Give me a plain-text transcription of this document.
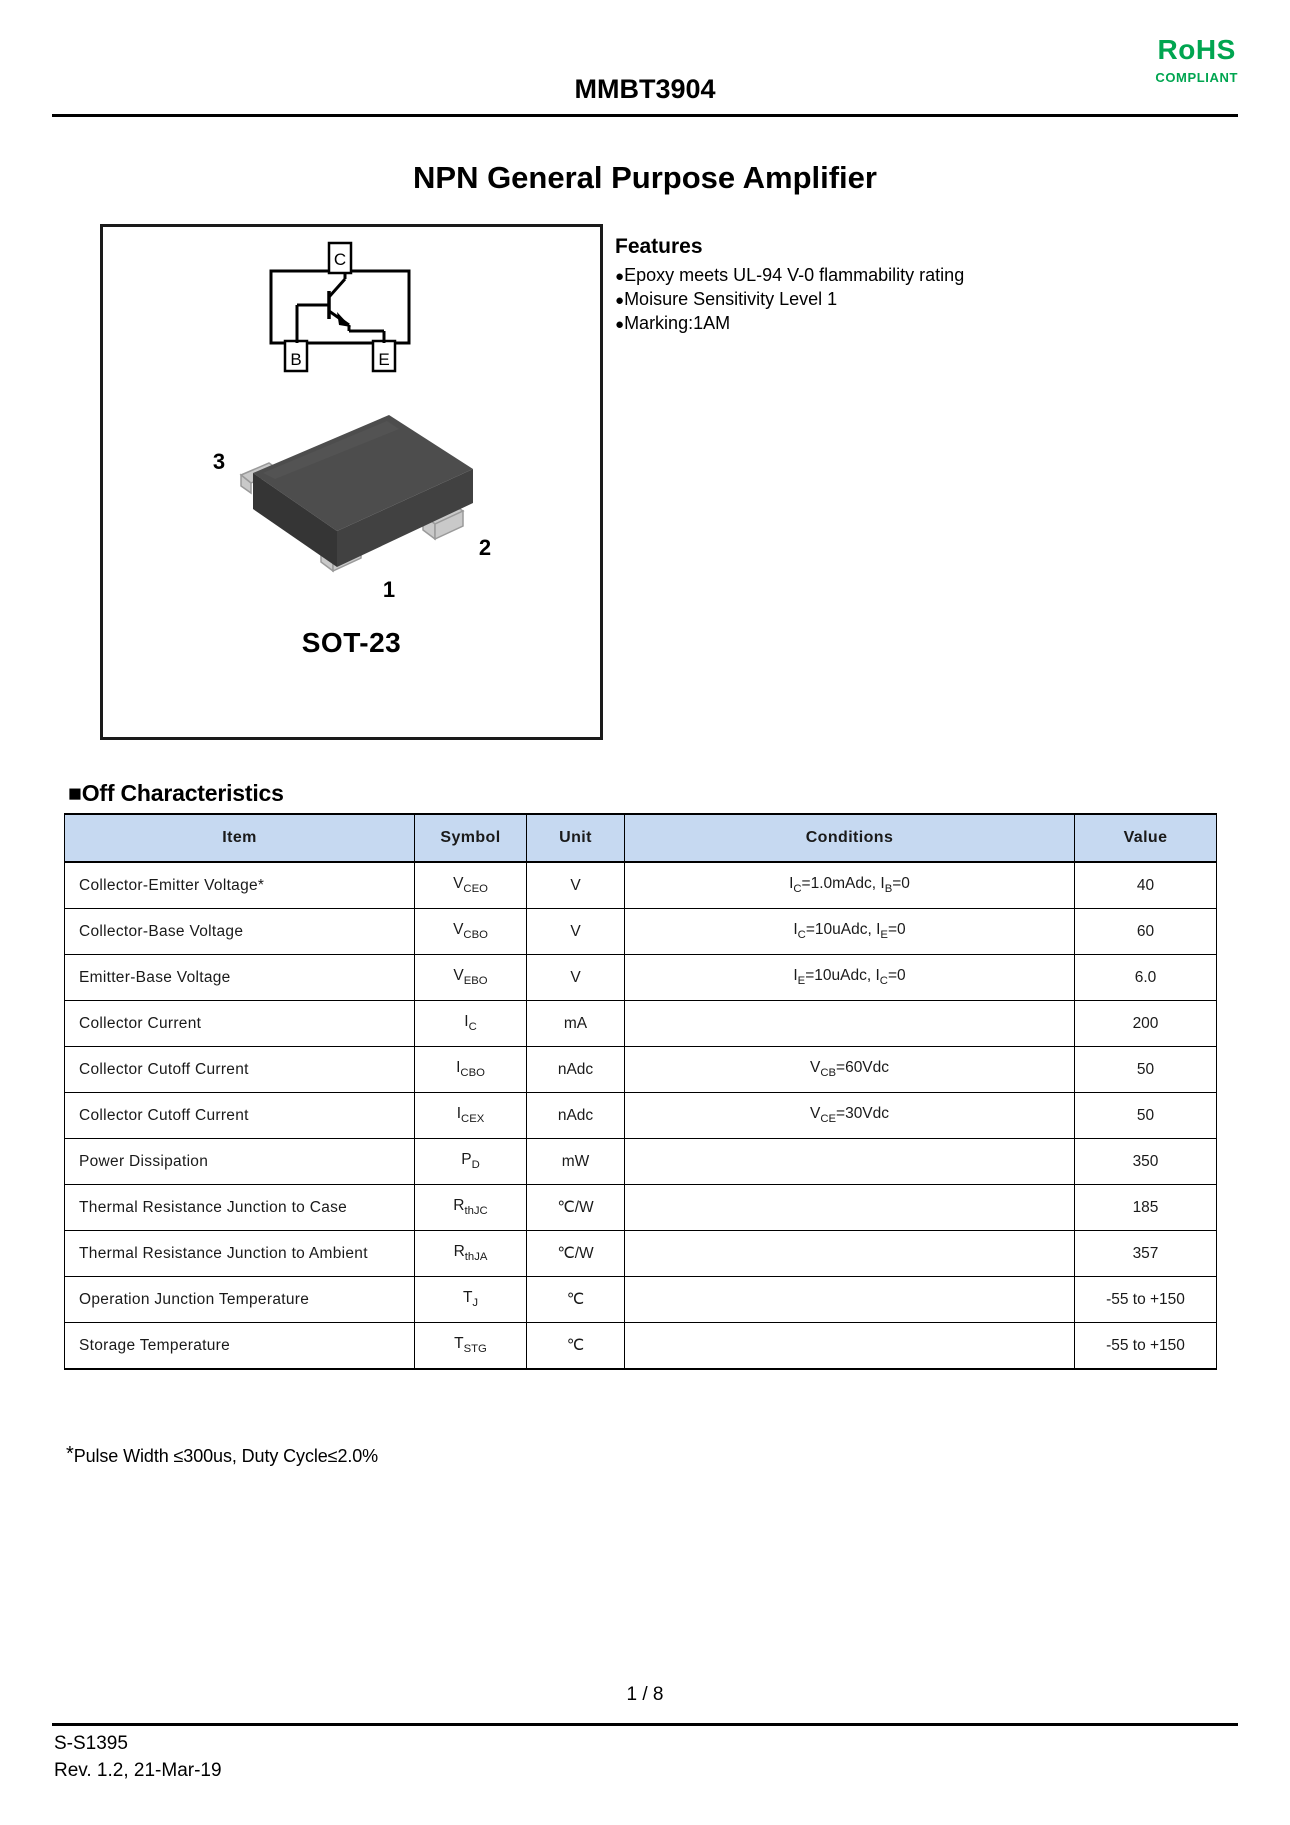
MMBT3904
RoHS
COMPLIANT
NPN General Purpose Amplifier
C
B	E
3
1
2
SOT-23
Features
●Epoxy meets UL-94 V-0 flammability rating
●Moisure Sensitivity Level 1
●Marking:1AM
■Off Characteristics
Item	Symbol	Unit	Conditions	Value
Collector-Emitter Voltage*	$V_{CEO}$	V	$I_C=1.0mAdc$, $I_B=0$	40
Collector-Base Voltage	$V_{CBO}$	V	$I_C=10uAdc$, $I_E=0$	60
Emitter-Base Voltage	$V_{EBO}$	V	$I_E=10uAdc$, $I_C=0$	6.0
Collector Current	$I_C$	mA		200
Collector Cutoff Current	$I_{CBO}$	nAdc	$V_{CB}=60Vdc$	50
Collector Cutoff Current	$I_{CEX}$	nAdc	$V_{CE}=30Vdc$	50
Power Dissipation	$P_D$	mW		350
Thermal Resistance Junction to Case	$R_{thJC}$	℃/W		185
Thermal Resistance Junction to Ambient	$R_{thJA}$	℃/W		357
Operation Junction Temperature	$T_J$	℃		-55 to +150
Storage Temperature	$T_{STG}$	℃		-55 to +150
*Pulse Width ≤300us, Duty Cycle≤2.0%
1 / 8
S-S1395
Rev. 1.2, 21-Mar-19
